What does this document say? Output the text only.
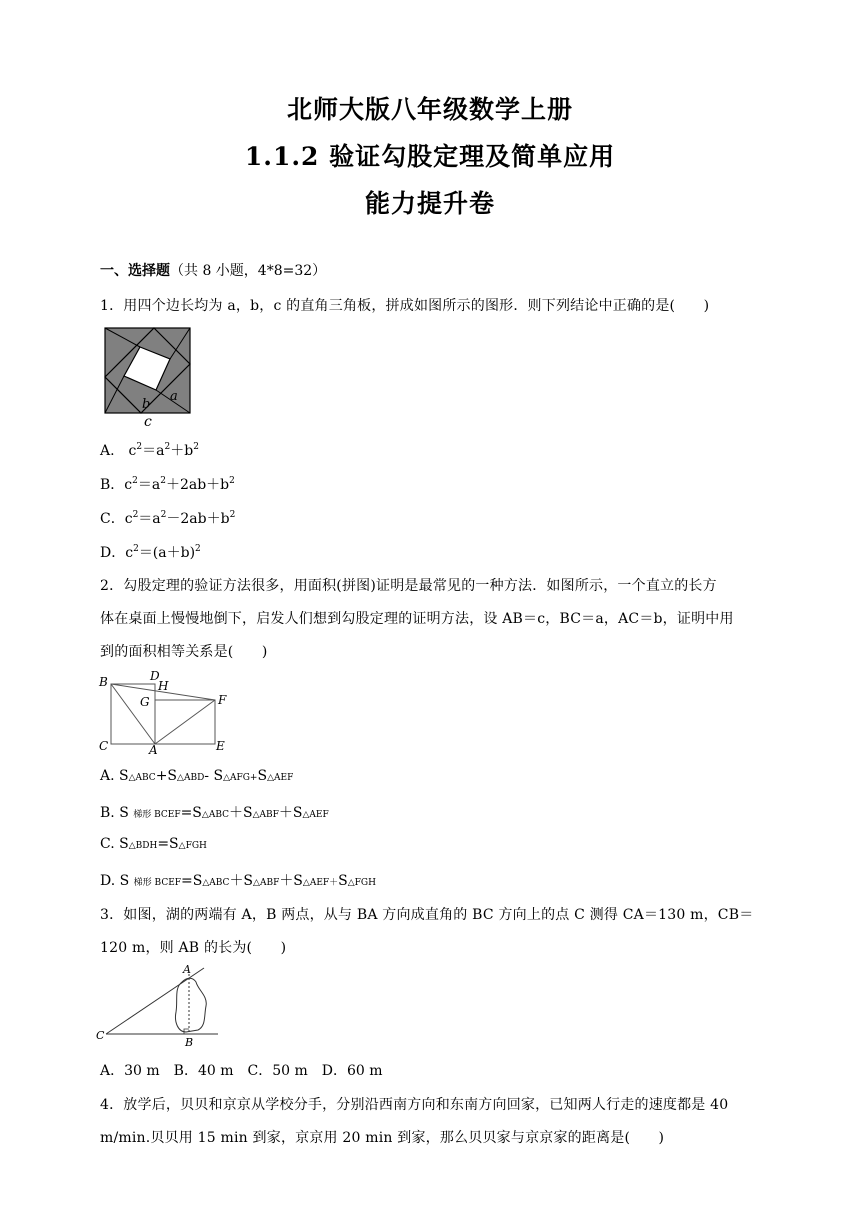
北师大版八年级数学上册
1.1.2 验证勾股定理及简单应用
能力提升卷
一、选择题（共 8 小题，4*8=32）
1．用四个边长均为 a，b，c 的直角三角板，拼成如图所示的图形．则下列结论中正确的是(　　)
b
a
c
A.　$c^2=a^2+b^2$
B．$c^2=a^2+2ab+b^2$
C．$c^2=a^2-2ab+b^2$
D．$c^2=(a+b)^2$
2．勾股定理的验证方法很多，用面积(拼图)证明是最常见的一种方法．如图所示，一个直立的长方
体在桌面上慢慢地倒下，启发人们想到勾股定理的证明方法，设 AB＝c，BC＝a，AC＝b，证明中用
到的面积相等关系是(　　)
B	D
H
G	F
C	A	E
A. S△ABC+S△ABD- S△AFG+S△AEF
B. S 梯形 BCEF=S△ABC＋S△ABF＋S△AEF
C. S△BDH=S△FGH
D. S 梯形 BCEF=S△ABC＋S△ABF＋S△AEF＋S△FGH
3．如图，湖的两端有 A，B 两点，从与 BA 方向成直角的 BC 方向上的点 C 测得 CA＝130 m，CB＝
120 m，则 AB 的长为(　　)
A
B
C
A．30 m　B．40 m　C．50 m　D．60 m
4．放学后，贝贝和京京从学校分手，分别沿西南方向和东南方向回家，已知两人行走的速度都是 40
m/min.贝贝用 15 min 到家，京京用 20 min 到家，那么贝贝家与京京家的距离是(　　)
